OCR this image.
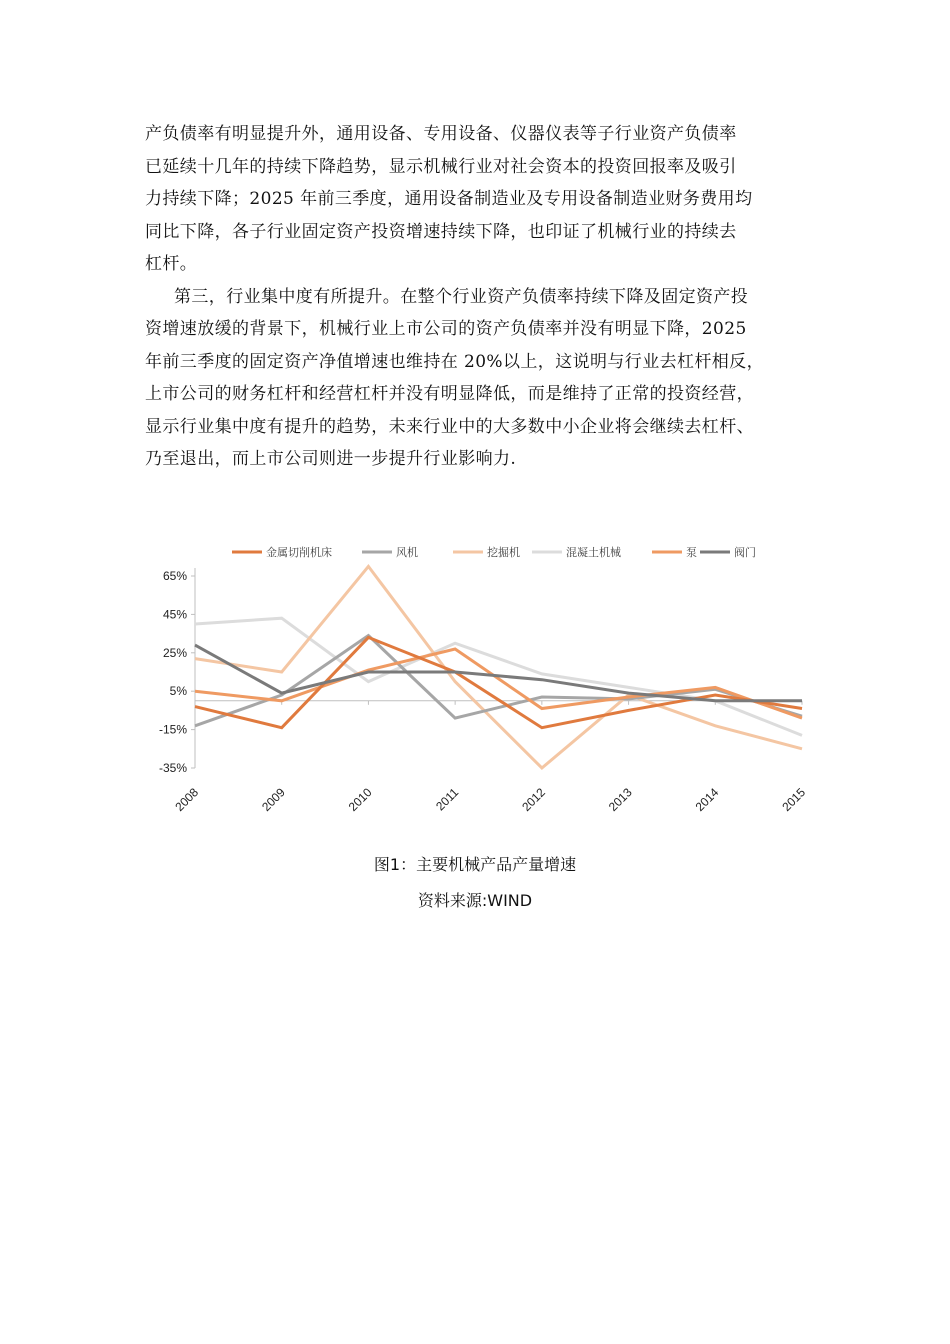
产负债率有明显提升外，通用设备、专用设备、仪器仪表等子行业资产负债率
已延续十几年的持续下降趋势，显示机械行业对社会资本的投资回报率及吸引
力持续下降；2025 年前三季度，通用设备制造业及专用设备制造业财务费用均
同比下降，各子行业固定资产投资增速持续下降，也印证了机械行业的持续去
杠杆。

第三，行业集中度有所提升。在整个行业资产负债率持续下降及固定资产投
资增速放缓的背景下，机械行业上市公司的资产负债率并没有明显下降，2025
年前三季度的固定资产净值增速也维持在 20%以上，这说明与行业去杠杆相反，
上市公司的财务杠杆和经营杠杆并没有明显降低，而是维持了正常的投资经营，
显示行业集中度有提升的趋势，未来行业中的大多数中小企业将会继续去杠杆、
乃至退出，而上市公司则进一步提升行业影响力.

金属切削机床	风机	挖掘机	混凝土机械	泵	阀门
65%
45%
25%
5%
-15%
-35%
2008	2009	2010	2011	2012	2013	2014	2015
图1：主要机械产品产量增速
资料来源:WIND
